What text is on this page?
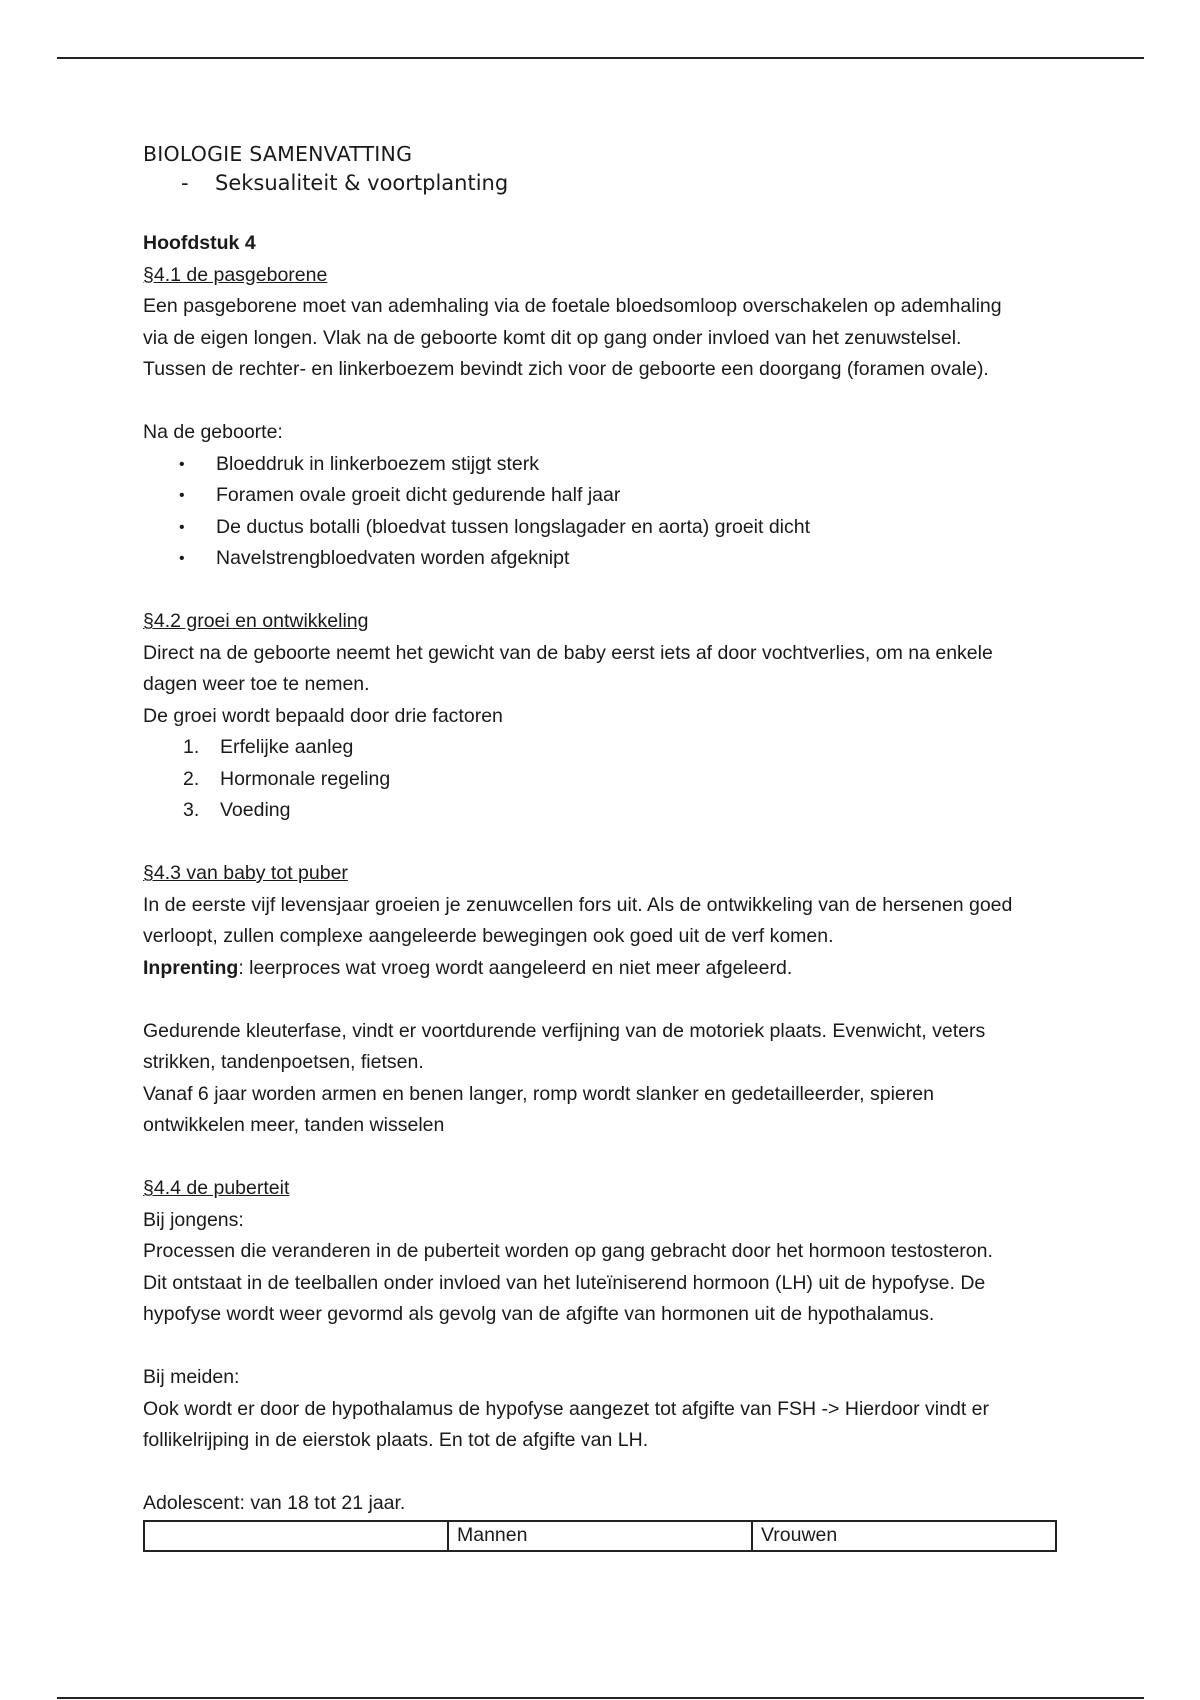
BIOLOGIE SAMENVATTING
-	Seksualiteit & voortplanting

Hoofdstuk 4

§4.1 de pasgeborene

Een pasgeborene moet van ademhaling via de foetale bloedsomloop overschakelen op ademhaling

via de eigen longen. Vlak na de geboorte komt dit op gang onder invloed van het zenuwstelsel.

Tussen de rechter- en linkerboezem bevindt zich voor de geboorte een doorgang (foramen ovale).

Na de geboorte:

•	Bloeddruk in linkerboezem stijgt sterk
•	Foramen ovale groeit dicht gedurende half jaar
•	De ductus botalli (bloedvat tussen longslagader en aorta) groeit dicht
•	Navelstrengbloedvaten worden afgeknipt

§4.2 groei en ontwikkeling

Direct na de geboorte neemt het gewicht van de baby eerst iets af door vochtverlies, om na enkele

dagen weer toe te nemen.

De groei wordt bepaald door drie factoren

1.	Erfelijke aanleg
2.	Hormonale regeling
3.	Voeding

§4.3 van baby tot puber

In de eerste vijf levensjaar groeien je zenuwcellen fors uit. Als de ontwikkeling van de hersenen goed

verloopt, zullen complexe aangeleerde bewegingen ook goed uit de verf komen.

Inprenting: leerproces wat vroeg wordt aangeleerd en niet meer afgeleerd.

Gedurende kleuterfase, vindt er voortdurende verfijning van de motoriek plaats. Evenwicht, veters

strikken, tandenpoetsen, fietsen.

Vanaf 6 jaar worden armen en benen langer, romp wordt slanker en gedetailleerder, spieren

ontwikkelen meer, tanden wisselen

§4.4 de puberteit

Bij jongens:

Processen die veranderen in de puberteit worden op gang gebracht door het hormoon testosteron.

Dit ontstaat in de teelballen onder invloed van het luteïniserend hormoon (LH) uit de hypofyse. De

hypofyse wordt weer gevormd als gevolg van de afgifte van hormonen uit de hypothalamus.

Bij meiden:

Ook wordt er door de hypothalamus de hypofyse aangezet tot afgifte van FSH -> Hierdoor vindt er

follikelrijping in de eierstok plaats. En tot de afgifte van LH.

Adolescent: van 18 tot 21 jaar.

	Mannen	Vrouwen
